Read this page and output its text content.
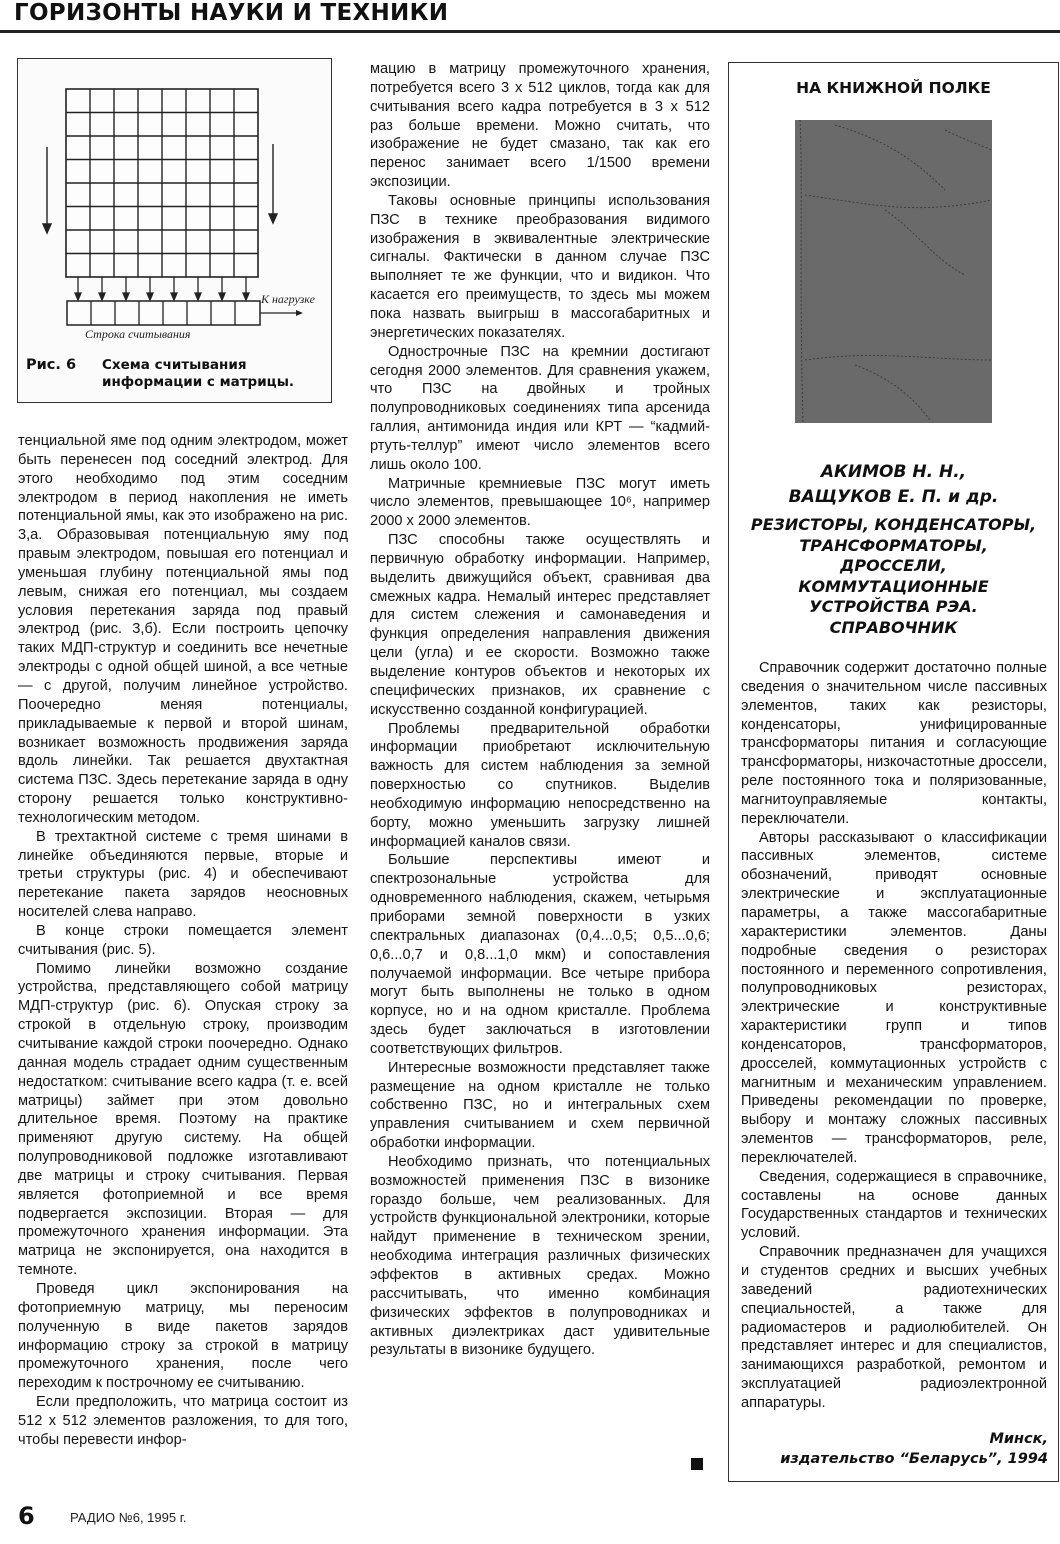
ГОРИЗОНТЫ НАУКИ И ТЕХНИКИ
К нагрузке
Строка считывания
Рис. 6 Схема считывания информации с матрицы.

тенциальной яме под одним электродом, может быть перенесен под соседний электрод. Для этого необходимо под этим соседним электродом в период накопления не иметь потенциальной ямы, как это изображено на рис. 3,а. Образовывая потенциальную яму под правым электродом, повышая его потенциал и уменьшая глубину потенциальной ямы под левым, снижая его потенциал, мы создаем условия перетекания заряда под правый электрод (рис. 3,б). Если построить цепочку таких МДП-структур и соединить все нечетные электроды с одной общей шиной, а все четные — с другой, получим линейное устройство. Поочередно меняя потенциалы, прикладываемые к первой и второй шинам, возникает возможность продвижения заряда вдоль линейки. Так решается двухтактная система ПЗС. Здесь перетекание заряда в одну сторону решается только конструктивно-технологическим методом.

В трехтактной системе с тремя шинами в линейке объединяются первые, вторые и третьи структуры (рис. 4) и обеспечивают перетекание пакета зарядов неосновных носителей слева направо.

В конце строки помещается элемент считывания (рис. 5).

Помимо линейки возможно создание устройства, представляющего собой матрицу МДП-структур (рис. 6). Опуская строку за строкой в отдельную строку, производим считывание каждой строки поочередно. Однако данная модель страдает одним существенным недостатком: считывание всего кадра (т. е. всей матрицы) займет при этом довольно длительное время. Поэтому на практике применяют другую систему. На общей полупроводниковой подложке изготавливают две матрицы и строку считывания. Первая является фотоприемной и все время подвергается экспозиции. Вторая — для промежуточного хранения информации. Эта матрица не экспонируется, она находится в темноте.

Проведя цикл экспонирования на фотоприемную матрицу, мы переносим полученную в виде пакетов зарядов информацию строку за строкой в матрицу промежуточного хранения, после чего переходим к построчному ее считыванию.

Если предположить, что матрица состоит из 512 x 512 элементов разложения, то для того, чтобы перевести инфор-

мацию в матрицу промежуточного хранения, потребуется всего 3 x 512 циклов, тогда как для считывания всего кадра потребуется в 3 x 512 раз больше времени. Можно считать, что изображение не будет смазано, так как его перенос занимает всего 1/1500 времени экспозиции.

Таковы основные принципы использования ПЗС в технике преобразования видимого изображения в эквивалентные электрические сигналы. Фактически в данном случае ПЗС выполняет те же функции, что и видикон. Что касается его преимуществ, то здесь мы можем пока назвать выигрыш в массогабаритных и энергетических показателях.

Однострочные ПЗС на кремнии достигают сегодня 2000 элементов. Для сравнения укажем, что ПЗС на двойных и тройных полупроводниковых соединениях типа арсенида галлия, антимонида индия или КРТ — “кадмий-ртуть-теллур” имеют число элементов всего лишь около 100.

Матричные кремниевые ПЗС могут иметь число элементов, превышающее 10⁶, например 2000 x 2000 элементов.

ПЗС способны также осуществлять и первичную обработку информации. Например, выделить движущийся объект, сравнивая два смежных кадра. Немалый интерес представляет для систем слежения и самонаведения и функция определения направления движения цели (угла) и ее скорости. Возможно также выделение контуров объектов и некоторых их специфических признаков, их сравнение с искусственно созданной конфигурацией.

Проблемы предварительной обработки информации приобретают исключительную важность для систем наблюдения за земной поверхностью со спутников. Выделив необходимую информацию непосредственно на борту, можно уменьшить загрузку лишней информацией каналов связи.

Большие перспективы имеют и спектрозональные устройства для одновременного наблюдения, скажем, четырьмя приборами земной поверхности в узких спектральных диапазонах (0,4...0,5; 0,5...0,6; 0,6...0,7 и 0,8...1,0 мкм) и сопоставления получаемой информации. Все четыре прибора могут быть выполнены не только в одном корпусе, но и на одном кристалле. Проблема здесь будет заключаться в изготовлении соответствующих фильтров.

Интересные возможности представляет также размещение на одном кристалле не только собственно ПЗС, но и интегральных схем управления считыванием и схем первичной обработки информации.

Необходимо признать, что потенциальных возможностей применения ПЗС в визонике гораздо больше, чем реализованных. Для устройств функциональной электроники, которые найдут применение в техническом зрении, необходима интеграция различных физических эффектов в активных средах. Можно рассчитывать, что именно комбинация физических эффектов в полупроводниках и активных диэлектриках даст удивительные результаты в визонике будущего.

НА КНИЖНОЙ ПОЛКЕ
АКИМОВ Н. Н.,
ВАЩУКОВ Е. П. и др.
РЕЗИСТОРЫ, КОНДЕНСАТОРЫ,
ТРАНСФОРМАТОРЫ,
ДРОССЕЛИ,
КОММУТАЦИОННЫЕ
УСТРОЙСТВА РЭА.
СПРАВОЧНИК

Справочник содержит достаточно полные сведения о значительном числе пассивных элементов, таких как резисторы, конденсаторы, унифицированные трансформаторы питания и согласующие трансформаторы, низкочастотные дроссели, реле постоянного тока и поляризованные, магнитоуправляемые контакты, переключатели.

Авторы рассказывают о классификации пассивных элементов, системе обозначений, приводят основные электрические и эксплуатационные параметры, а также массогабаритные характеристики элементов. Даны подробные сведения о резисторах постоянного и переменного сопротивления, полупроводниковых резисторах, электрические и конструктивные характеристики групп и типов конденсаторов, трансформаторов, дросселей, коммутационных устройств с магнитным и механическим управлением. Приведены рекомендации по проверке, выбору и монтажу сложных пассивных элементов — трансформаторов, реле, переключателей.

Сведения, содержащиеся в справочнике, составлены на основе данных Государственных стандартов и технических условий.

Справочник предназначен для учащихся и студентов средних и высших учебных заведений радиотехнических специальностей, а также для радиомастеров и радиолюбителей. Он представляет интерес и для специалистов, занимающихся разработкой, ремонтом и эксплуатацией радиоэлектронной аппаратуры.

Минск,
издательство “Беларусь”, 1994
6	РАДИО №6, 1995 г.
